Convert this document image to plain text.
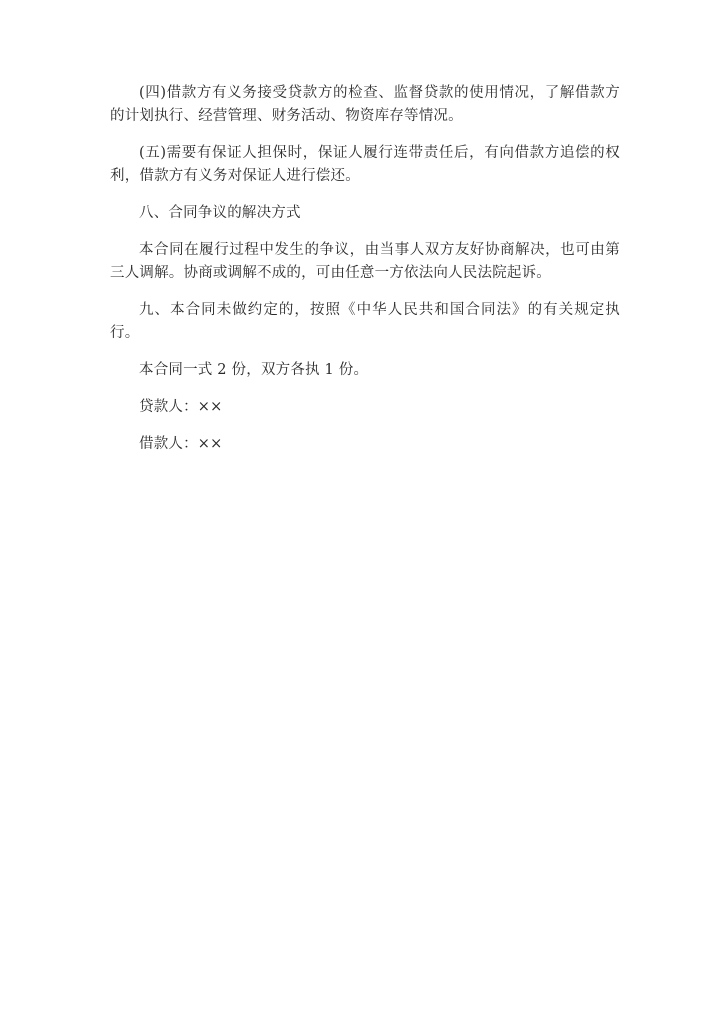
(四)借款方有义务接受贷款方的检查、监督贷款的使用情况，了解借款方的计划执行、经营管理、财务活动、物资库存等情况。

(五)需要有保证人担保时，保证人履行连带责任后，有向借款方追偿的权利，借款方有义务对保证人进行偿还。

八、合同争议的解决方式

本合同在履行过程中发生的争议，由当事人双方友好协商解决，也可由第三人调解。协商或调解不成的，可由任意一方依法向人民法院起诉。

九、本合同未做约定的，按照《中华人民共和国合同法》的有关规定执行。

本合同一式 2 份，双方各执 1 份。

贷款人：××

借款人：××
